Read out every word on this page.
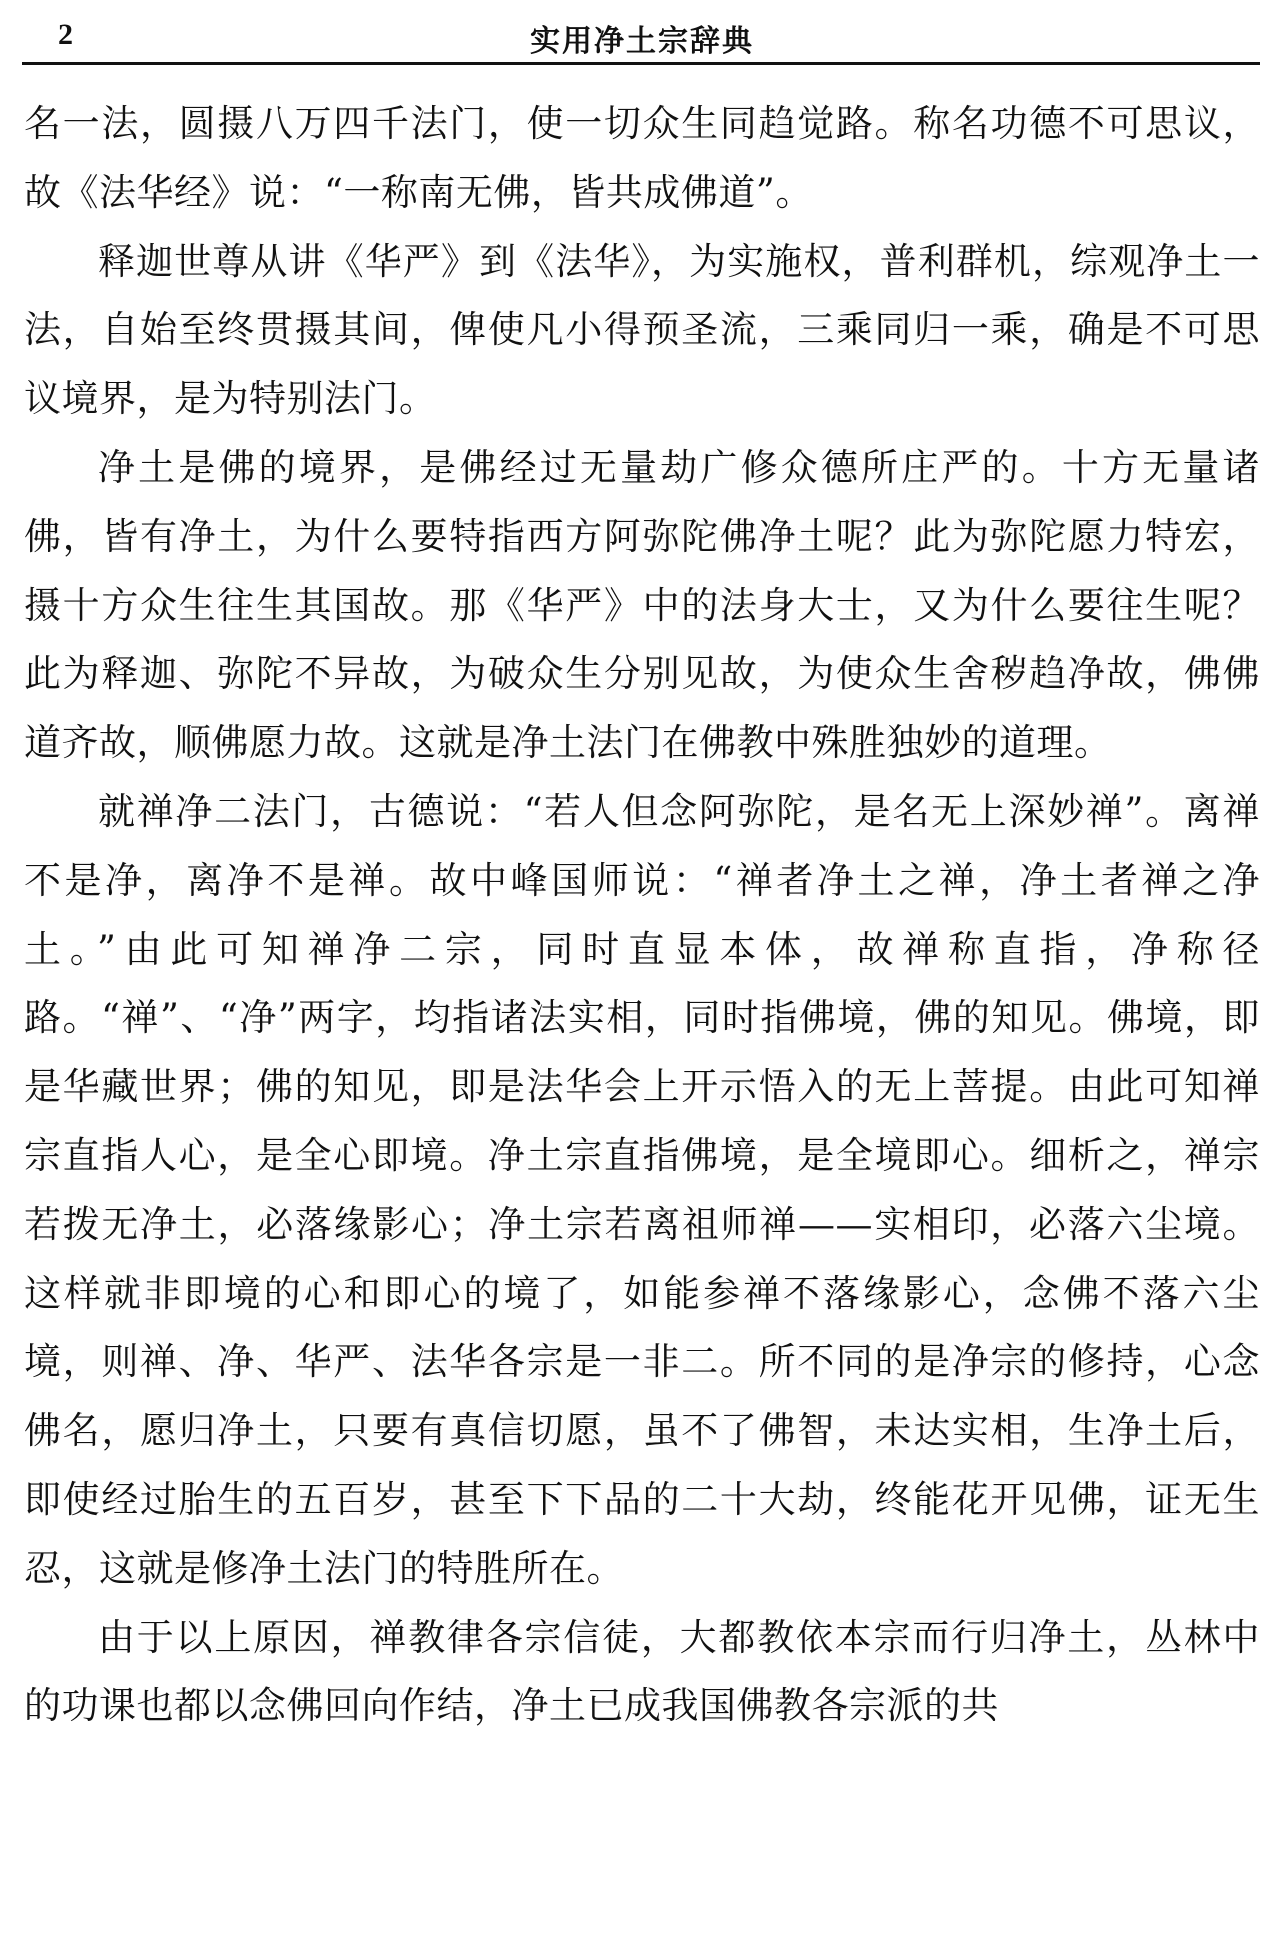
2	实用净土宗辞典

名一法，圆摄八万四千法门，使一切众生同趋觉路。称名功德不可思议，故《法华经》说：“一称南无佛，皆共成佛道”。

释迦世尊从讲《华严》到《法华》，为实施权，普利群机，综观净土一法，自始至终贯摄其间，俾使凡小得预圣流，三乘同归一乘，确是不可思议境界，是为特别法门。

净土是佛的境界，是佛经过无量劫广修众德所庄严的。十方无量诸佛，皆有净土，为什么要特指西方阿弥陀佛净土呢？此为弥陀愿力特宏，摄十方众生往生其国故。那《华严》中的法身大士，又为什么要往生呢？此为释迦、弥陀不异故，为破众生分别见故，为使众生舍秽趋净故，佛佛道齐故，顺佛愿力故。这就是净土法门在佛教中殊胜独妙的道理。

就禅净二法门，古德说：“若人但念阿弥陀，是名无上深妙禅”。离禅不是净，离净不是禅。故中峰国师说：“禅者净土之禅，净土者禅之净土。”由此可知禅净二宗，同时直显本体，故禅称直指，净称径路。“禅”、“净”两字，均指诸法实相，同时指佛境，佛的知见。佛境，即是华藏世界；佛的知见，即是法华会上开示悟入的无上菩提。由此可知禅宗直指人心，是全心即境。净土宗直指佛境，是全境即心。细析之，禅宗若拨无净土，必落缘影心；净土宗若离祖师禅——实相印，必落六尘境。这样就非即境的心和即心的境了，如能参禅不落缘影心，念佛不落六尘境，则禅、净、华严、法华各宗是一非二。所不同的是净宗的修持，心念佛名，愿归净土，只要有真信切愿，虽不了佛智，未达实相，生净土后，即使经过胎生的五百岁，甚至下下品的二十大劫，终能花开见佛，证无生忍，这就是修净土法门的特胜所在。

由于以上原因，禅教律各宗信徒，大都教依本宗而行归净土，丛林中的功课也都以念佛回向作结，净土已成我国佛教各宗派的共
